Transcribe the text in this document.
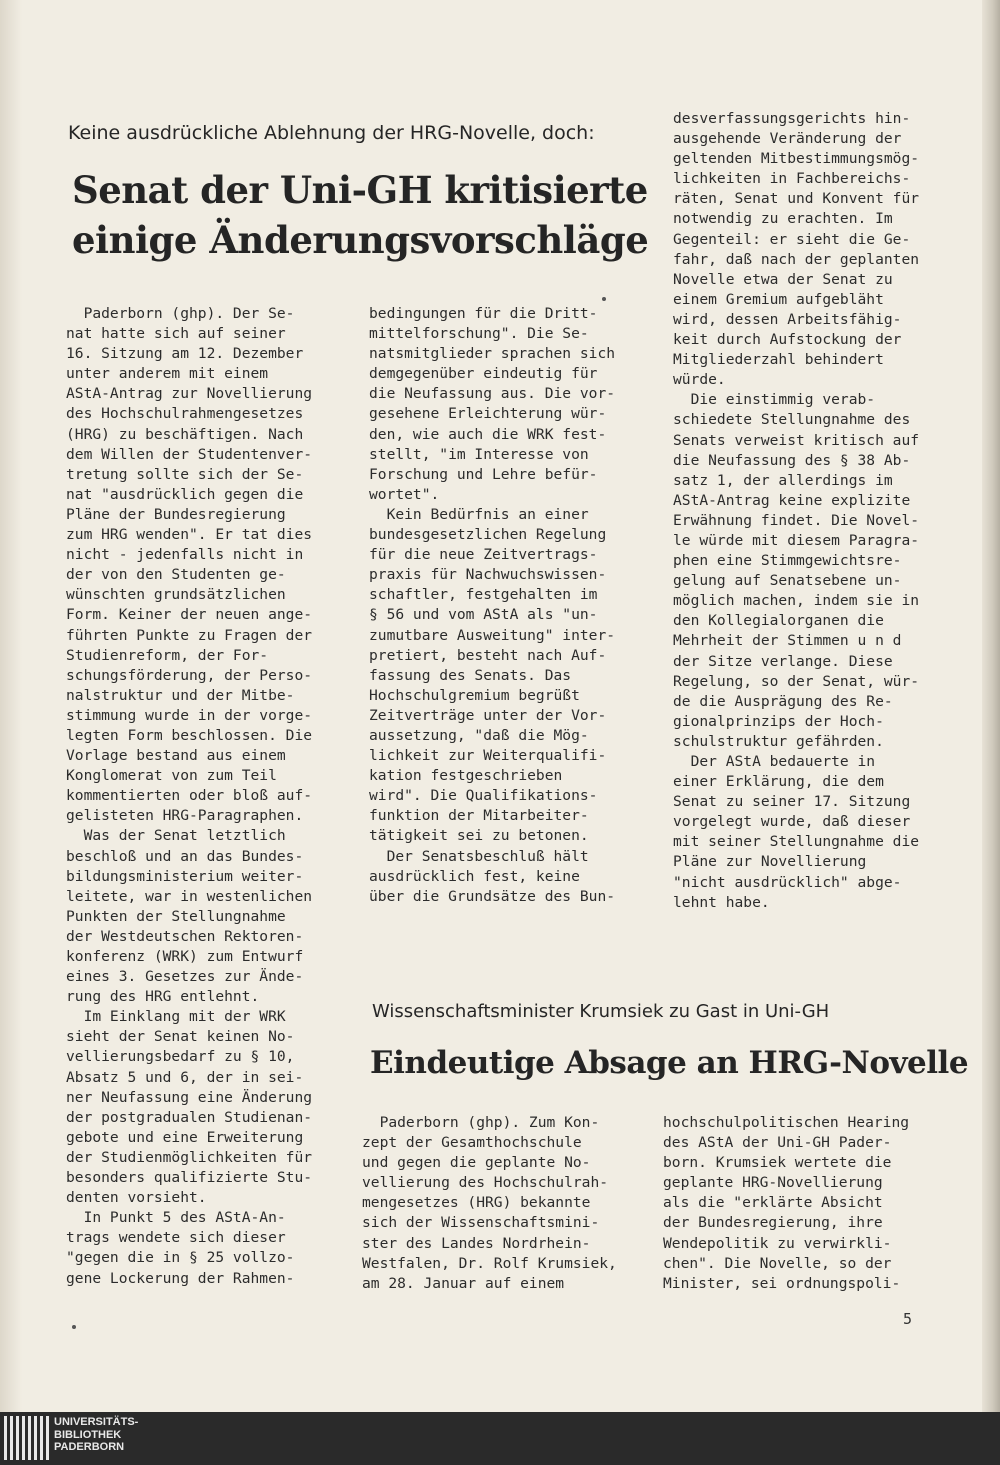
Keine ausdrückliche Ablehnung der HRG-Novelle, doch:
Senat der Uni-GH kritisierte
einige Änderungsvorschläge
Paderborn (ghp). Der Se-
nat hatte sich auf seiner
16. Sitzung am 12. Dezember
unter anderem mit einem
AStA-Antrag zur Novellierung
des Hochschulrahmengesetzes
(HRG) zu beschäftigen. Nach
dem Willen der Studentenver-
tretung sollte sich der Se-
nat "ausdrücklich gegen die
Pläne der Bundesregierung
zum HRG wenden". Er tat dies
nicht - jedenfalls nicht in
der von den Studenten ge-
wünschten grundsätzlichen
Form. Keiner der neuen ange-
führten Punkte zu Fragen der
Studienreform, der For-
schungsförderung, der Perso-
nalstruktur und der Mitbe-
stimmung wurde in der vorge-
legten Form beschlossen. Die
Vorlage bestand aus einem
Konglomerat von zum Teil
kommentierten oder bloß auf-
gelisteten HRG-Paragraphen.
Was der Senat letztlich
beschloß und an das Bundes-
bildungsministerium weiter-
leitete, war in westenlichen
Punkten der Stellungnahme
der Westdeutschen Rektoren-
konferenz (WRK) zum Entwurf
eines 3. Gesetzes zur Ände-
rung des HRG entlehnt.
Im Einklang mit der WRK
sieht der Senat keinen No-
vellierungsbedarf zu § 10,
Absatz 5 und 6, der in sei-
ner Neufassung eine Änderung
der postgradualen Studienan-
gebote und eine Erweiterung
der Studienmöglichkeiten für
besonders qualifizierte Stu-
denten vorsieht.
In Punkt 5 des AStA-An-
trags wendete sich dieser
"gegen die in § 25 vollzo-
gene Lockerung der Rahmen-
bedingungen für die Dritt-
mittelforschung". Die Se-
natsmitglieder sprachen sich
demgegenüber eindeutig für
die Neufassung aus. Die vor-
gesehene Erleichterung wür-
den, wie auch die WRK fest-
stellt, "im Interesse von
Forschung und Lehre befür-
wortet".
Kein Bedürfnis an einer
bundesgesetzlichen Regelung
für die neue Zeitvertrags-
praxis für Nachwuchswissen-
schaftler, festgehalten im
§ 56 und vom AStA als "un-
zumutbare Ausweitung" inter-
pretiert, besteht nach Auf-
fassung des Senats. Das
Hochschulgremium begrüßt
Zeitverträge unter der Vor-
aussetzung, "daß die Mög-
lichkeit zur Weiterqualifi-
kation festgeschrieben
wird". Die Qualifikations-
funktion der Mitarbeiter-
tätigkeit sei zu betonen.
Der Senatsbeschluß hält
ausdrücklich fest, keine
über die Grundsätze des Bun-
desverfassungsgerichts hin-
ausgehende Veränderung der
geltenden Mitbestimmungsmög-
lichkeiten in Fachbereichs-
räten, Senat und Konvent für
notwendig zu erachten. Im
Gegenteil: er sieht die Ge-
fahr, daß nach der geplanten
Novelle etwa der Senat zu
einem Gremium aufgebläht
wird, dessen Arbeitsfähig-
keit durch Aufstockung der
Mitgliederzahl behindert
würde.
Die einstimmig verab-
schiedete Stellungnahme des
Senats verweist kritisch auf
die Neufassung des § 38 Ab-
satz 1, der allerdings im
AStA-Antrag keine explizite
Erwähnung findet. Die Novel-
le würde mit diesem Paragra-
phen eine Stimmgewichtsre-
gelung auf Senatsebene un-
möglich machen, indem sie in
den Kollegialorganen die
Mehrheit der Stimmen u n d
der Sitze verlange. Diese
Regelung, so der Senat, wür-
de die Ausprägung des Re-
gionalprinzips der Hoch-
schulstruktur gefährden.
Der AStA bedauerte in
einer Erklärung, die dem
Senat zu seiner 17. Sitzung
vorgelegt wurde, daß dieser
mit seiner Stellungnahme die
Pläne zur Novellierung
"nicht ausdrücklich" abge-
lehnt habe.
Wissenschaftsminister Krumsiek zu Gast in Uni-GH
Eindeutige Absage an HRG-Novelle
Paderborn (ghp). Zum Kon-
zept der Gesamthochschule
und gegen die geplante No-
vellierung des Hochschulrah-
mengesetzes (HRG) bekannte
sich der Wissenschaftsmini-
ster des Landes Nordrhein-
Westfalen, Dr. Rolf Krumsiek,
am 28. Januar auf einem
hochschulpolitischen Hearing
des AStA der Uni-GH Pader-
born. Krumsiek wertete die
geplante HRG-Novellierung
als die "erklärte Absicht
der Bundesregierung, ihre
Wendepolitik zu verwirkli-
chen". Die Novelle, so der
Minister, sei ordnungspoli-
5
UNIVERSITÄTS-
BIBLIOTHEK
PADERBORN
